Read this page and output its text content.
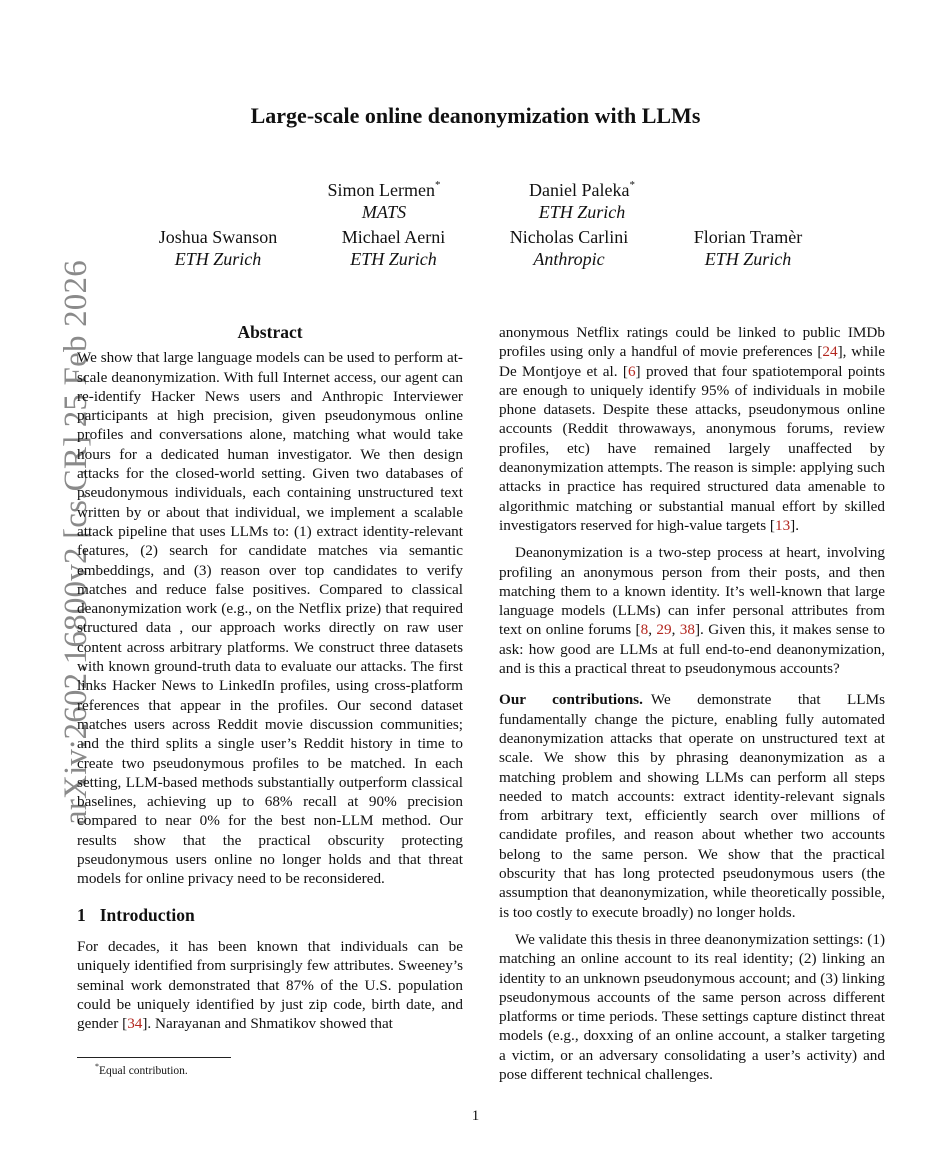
arXiv:2602.16800v2 [cs.CR] 25 Feb 2026
Large-scale online deanonymization with LLMs
Simon Lermen*
MATS
Daniel Paleka*
ETH Zurich
Joshua Swanson
ETH Zurich
Michael Aerni
ETH Zurich
Nicholas Carlini
Anthropic
Florian Tramèr
ETH Zurich
Abstract

We show that large language models can be used to perform at-scale deanonymization. With full Internet access, our agent can re-identify Hacker News users and Anthropic Interviewer participants at high precision, given pseudonymous online profiles and conversations alone, matching what would take hours for a dedicated human investigator. We then design attacks for the closed-world setting. Given two databases of pseudonymous individuals, each containing unstructured text written by or about that individual, we implement a scalable attack pipeline that uses LLMs to: (1) extract identity-relevant features, (2) search for candidate matches via semantic embeddings, and (3) reason over top candidates to verify matches and reduce false positives. Compared to classical deanonymization work (e.g., on the Netflix prize) that required structured data , our approach works directly on raw user content across arbitrary platforms. We construct three datasets with known ground-truth data to evaluate our attacks. The first links Hacker News to LinkedIn profiles, using cross-platform references that appear in the profiles. Our second dataset matches users across Reddit movie discussion communities; and the third splits a single user’s Reddit history in time to create two pseudonymous profiles to be matched. In each setting, LLM-based methods substantially outperform classical baselines, achieving up to 68% recall at 90% precision compared to near 0% for the best non-LLM method. Our results show that the practical obscurity protecting pseudonymous users online no longer holds and that threat models for online privacy need to be reconsidered.

1 Introduction

For decades, it has been known that individuals can be uniquely identified from surprisingly few attributes. Sweeney’s seminal work demonstrated that 87% of the U.S. population could be uniquely identified by just zip code, birth date, and gender [34]. Narayanan and Shmatikov showed that

anonymous Netflix ratings could be linked to public IMDb profiles using only a handful of movie preferences [24], while De Montjoye et al. [6] proved that four spatiotemporal points are enough to uniquely identify 95% of individuals in mobile phone datasets. Despite these attacks, pseudonymous online accounts (Reddit throwaways, anonymous forums, review profiles, etc) have remained largely unaffected by deanonymization attempts. The reason is simple: applying such attacks in practice has required structured data amenable to algorithmic matching or substantial manual effort by skilled investigators reserved for high-value targets [13].

Deanonymization is a two-step process at heart, involving profiling an anonymous person from their posts, and then matching them to a known identity. It’s well-known that large language models (LLMs) can infer personal attributes from text on online forums [8, 29, 38]. Given this, it makes sense to ask: how good are LLMs at full end-to-end deanonymization, and is this a practical threat to pseudonymous accounts?

Our contributions. We demonstrate that LLMs fundamentally change the picture, enabling fully automated deanonymization attacks that operate on unstructured text at scale. We show this by phrasing deanonymization as a matching problem and showing LLMs can perform all steps needed to match accounts: extract identity-relevant signals from arbitrary text, efficiently search over millions of candidate profiles, and reason about whether two accounts belong to the same person. We show that the practical obscurity that has long protected pseudonymous users (the assumption that deanonymization, while theoretically possible, is too costly to execute broadly) no longer holds.

We validate this thesis in three deanonymization settings: (1) matching an online account to its real identity; (2) linking an identity to an unknown pseudonymous account; and (3) linking pseudonymous accounts of the same person across different platforms or time periods. These settings capture distinct threat models (e.g., doxxing of an online account, a stalker targeting a victim, or an adversary consolidating a user’s activity) and pose different technical challenges.

*Equal contribution.
1
